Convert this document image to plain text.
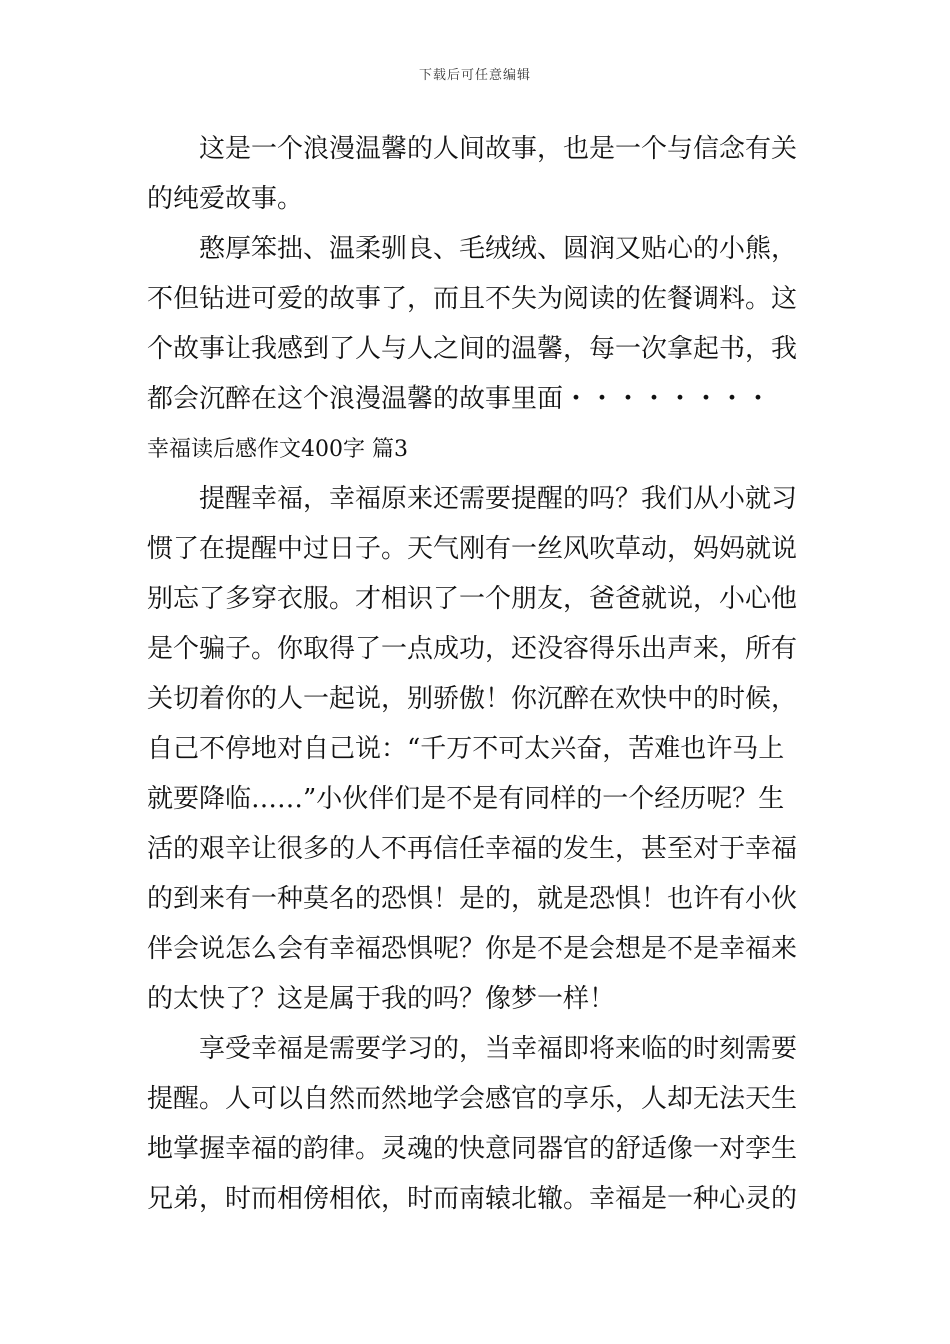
下载后可任意编辑
这是一个浪漫温馨的人间故事，也是一个与信念有关
的纯爱故事。
憨厚笨拙、温柔驯良、毛绒绒、圆润又贴心的小熊，
不但钻进可爱的故事了，而且不失为阅读的佐餐调料。这
个故事让我感到了人与人之间的温馨，每一次拿起书，我
都会沉醉在这个浪漫温馨的故事里面・・・・・・・・
幸福读后感作文400字 篇3
提醒幸福，幸福原来还需要提醒的吗？我们从小就习
惯了在提醒中过日子。天气刚有一丝风吹草动，妈妈就说
别忘了多穿衣服。才相识了一个朋友，爸爸就说，小心他
是个骗子。你取得了一点成功，还没容得乐出声来，所有
关切着你的人一起说，别骄傲！你沉醉在欢快中的时候，
自己不停地对自己说：“千万不可太兴奋，苦难也许马上
就要降临……”小伙伴们是不是有同样的一个经历呢？生
活的艰辛让很多的人不再信任幸福的发生，甚至对于幸福
的到来有一种莫名的恐惧！是的，就是恐惧！也许有小伙
伴会说怎么会有幸福恐惧呢？你是不是会想是不是幸福来
的太快了？这是属于我的吗？像梦一样！
享受幸福是需要学习的，当幸福即将来临的时刻需要
提醒。人可以自然而然地学会感官的享乐，人却无法天生
地掌握幸福的韵律。灵魂的快意同器官的舒适像一对孪生
兄弟，时而相傍相依，时而南辕北辙。幸福是一种心灵的
